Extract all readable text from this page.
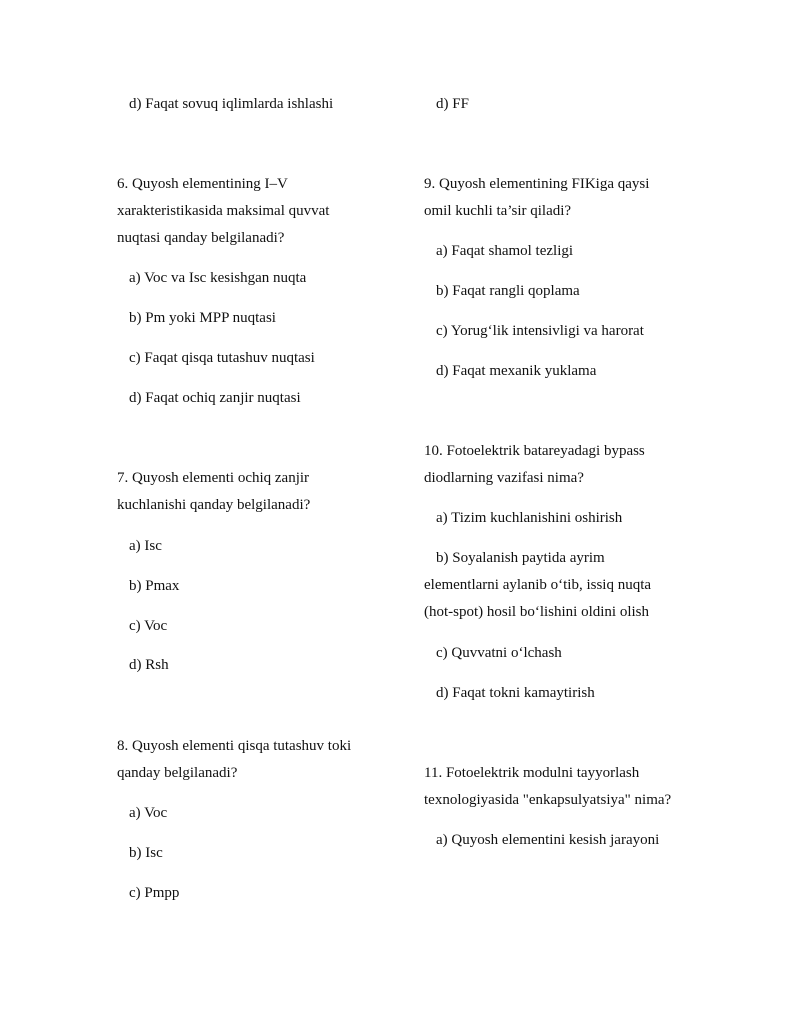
d) Faqat sovuq iqlimlarda ishlashi
6. Quyosh elementining I–V
xarakteristikasida maksimal quvvat
nuqtasi qanday belgilanadi?
a) Voc va Isc kesishgan nuqta
b) Pm yoki MPP nuqtasi
c) Faqat qisqa tutashuv nuqtasi
d) Faqat ochiq zanjir nuqtasi
7. Quyosh elementi ochiq zanjir
kuchlanishi qanday belgilanadi?
a) Isc
b) Pmax
c) Voc
d) Rsh
8. Quyosh elementi qisqa tutashuv toki
qanday belgilanadi?
a) Voc
b) Isc
c) Pmpp
d) FF
9. Quyosh elementining FIKiga qaysi
omil kuchli ta’sir qiladi?
a) Faqat shamol tezligi
b) Faqat rangli qoplama
c) Yorug‘lik intensivligi va harorat
d) Faqat mexanik yuklama
10. Fotoelektrik batareyadagi bypass
diodlarning vazifasi nima?
a) Tizim kuchlanishini oshirish
b) Soyalanish paytida ayrim
elementlarni aylanib o‘tib, issiq nuqta
(hot-spot) hosil bo‘lishini oldini olish
c) Quvvatni o‘lchash
d) Faqat tokni kamaytirish
11. Fotoelektrik modulni tayyorlash
texnologiyasida "enkapsulyatsiya" nima?
a) Quyosh elementini kesish jarayoni
